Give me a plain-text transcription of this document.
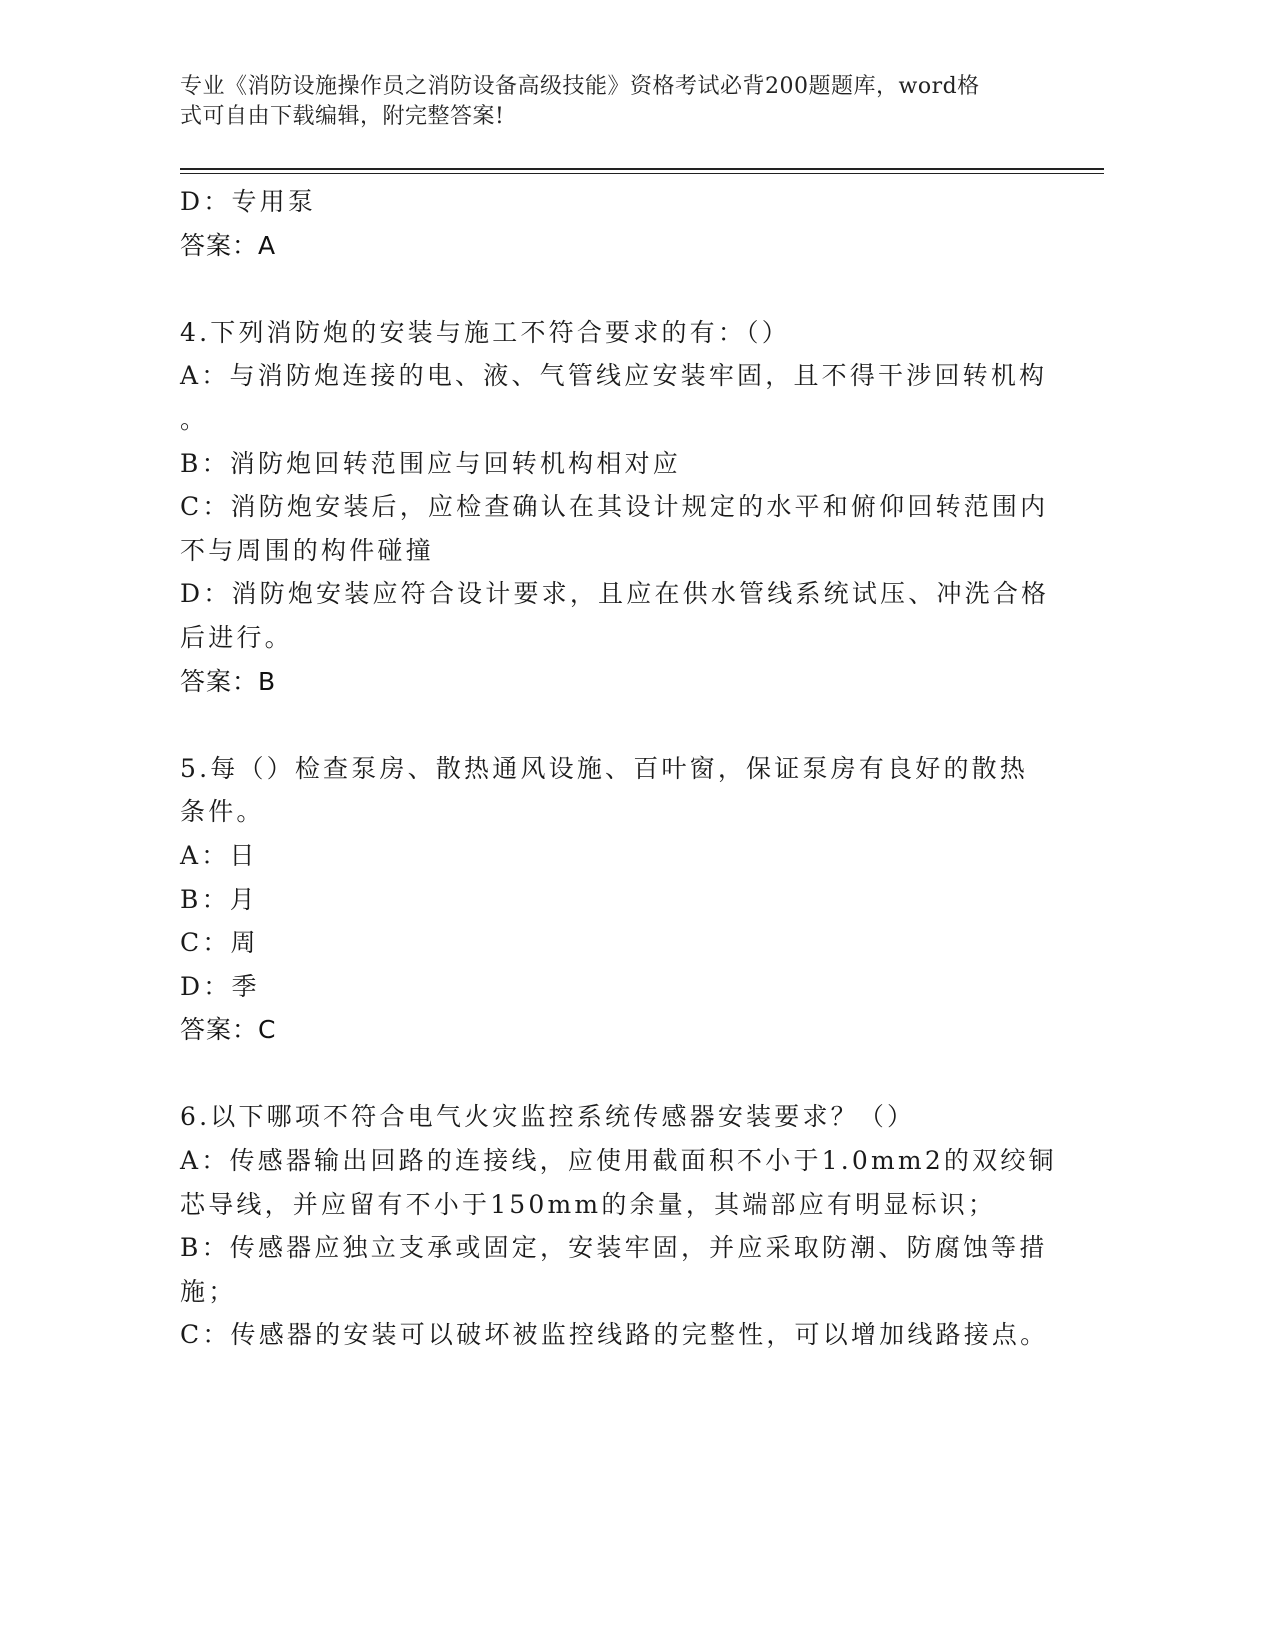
专业《消防设施操作员之消防设备高级技能》资格考试必背200题题库，word格
式可自由下载编辑，附完整答案!
D：专用泵
答案：A
4.下列消防炮的安装与施工不符合要求的有：（）
A：与消防炮连接的电、液、气管线应安装牢固，且不得干涉回转机构
。
B：消防炮回转范围应与回转机构相对应
C：消防炮安装后，应检查确认在其设计规定的水平和俯仰回转范围内
不与周围的构件碰撞
D：消防炮安装应符合设计要求，且应在供水管线系统试压、冲洗合格
后进行。
答案：B
5.每（）检查泵房、散热通风设施、百叶窗，保证泵房有良好的散热
条件。
A：日
B：月
C：周
D：季
答案：C
6.以下哪项不符合电气火灾监控系统传感器安装要求？（）
A：传感器输出回路的连接线，应使用截面积不小于1.0mm2的双绞铜
芯导线，并应留有不小于150mm的余量，其端部应有明显标识；
B：传感器应独立支承或固定，安装牢固，并应采取防潮、防腐蚀等措
施；
C：传感器的安装可以破坏被监控线路的完整性，可以增加线路接点。
